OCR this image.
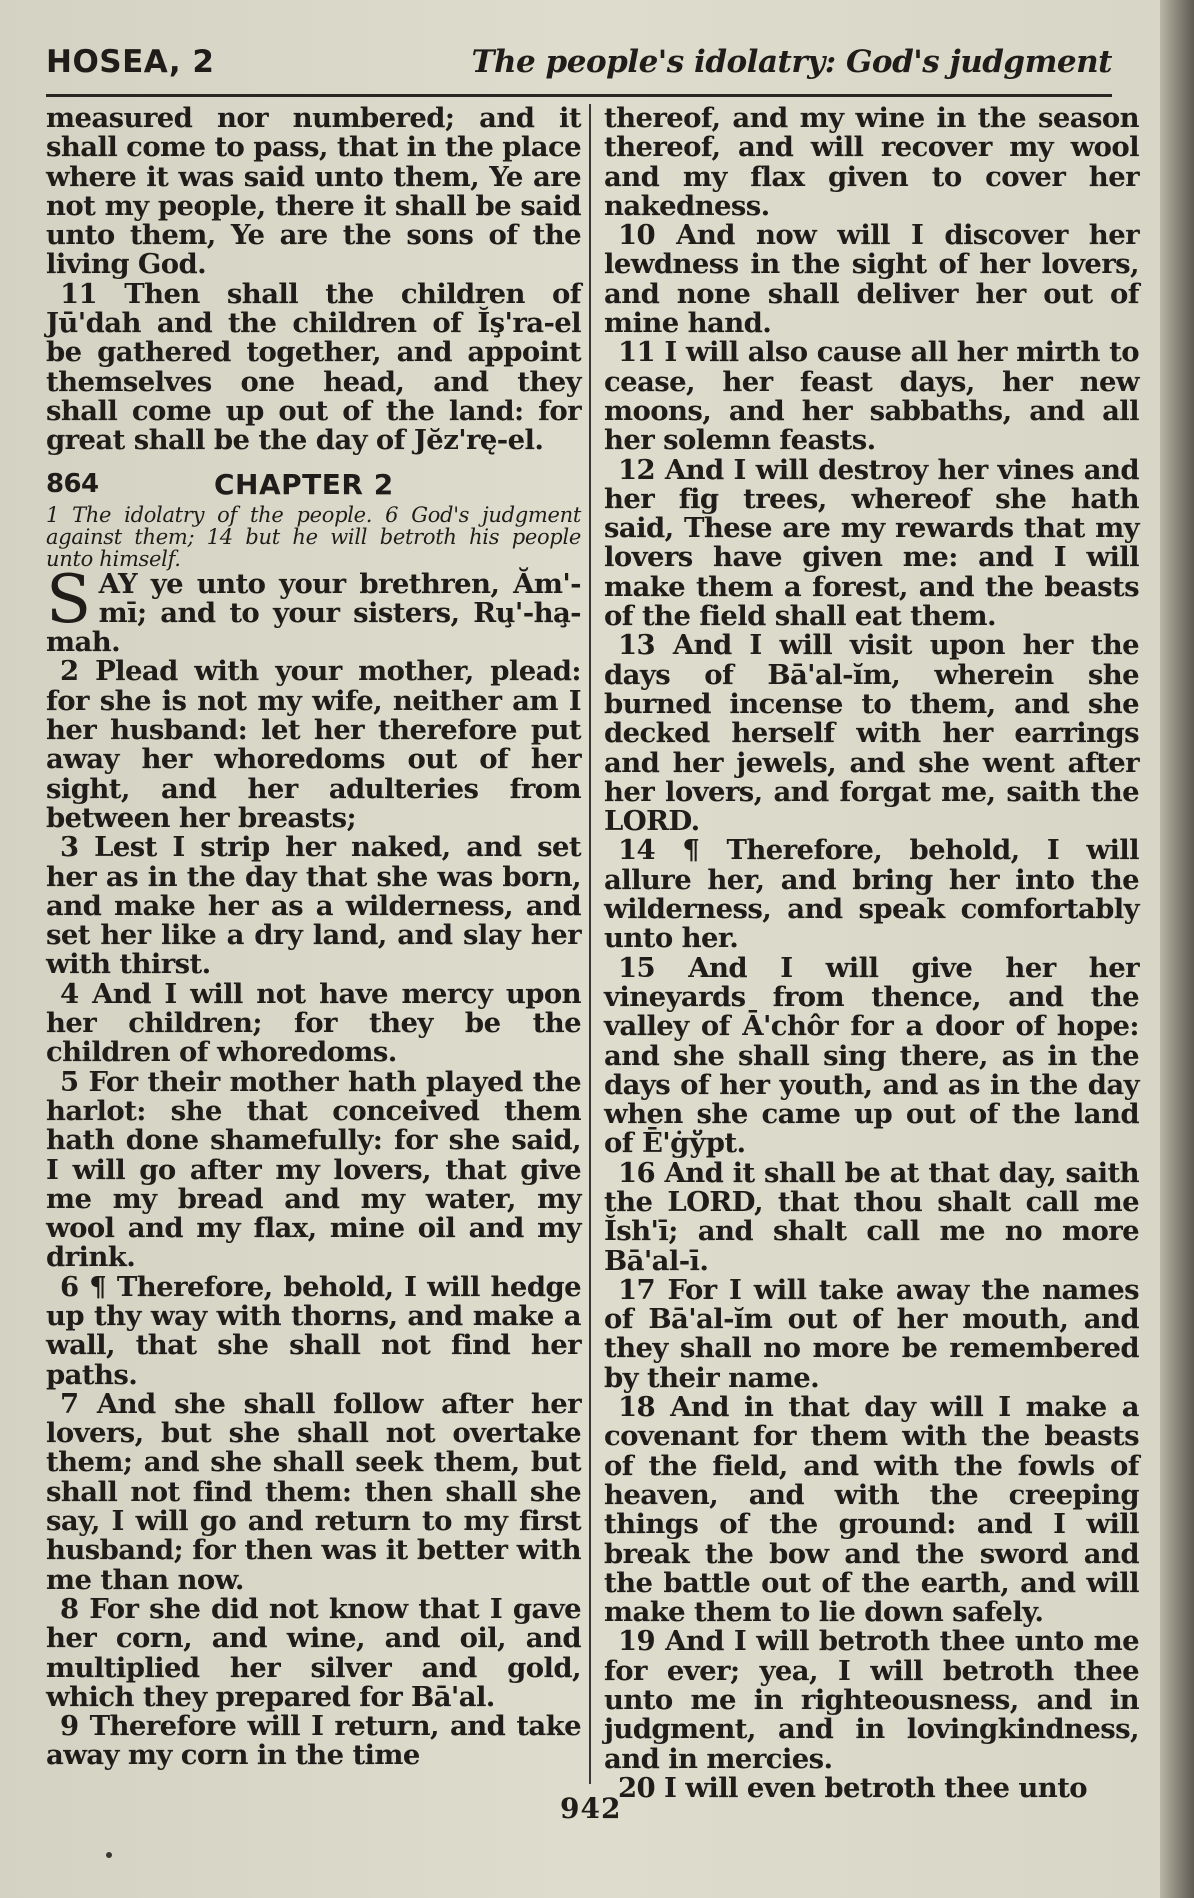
HOSEA, 2	The people's idolatry: God's judgment

measured nor numbered; and it shall come to pass, that in the place where it was said unto them, Ye are not my people, there it shall be said unto them, Ye are the sons of the living God.

11 Then shall the children of Jū'dah and the children of Ĭş'ra-el be gathered together, and appoint themselves one head, and they shall come up out of the land: for great shall be the day of Jĕz'rę-el.

864	CHAPTER 2

1 The idolatry of the people. 6 God's judgment against them; 14 but he will betroth his people unto himself.

S AY ye unto your brethren, Ăm'-mī; and to your sisters, Ru̧'-ha̧-mah.

2 Plead with your mother, plead: for she is not my wife, neither am I her husband: let her therefore put away her whoredoms out of her sight, and her adulteries from between her breasts;

3 Lest I strip her naked, and set her as in the day that she was born, and make her as a wilderness, and set her like a dry land, and slay her with thirst.

4 And I will not have mercy upon her children; for they be the children of whoredoms.

5 For their mother hath played the harlot: she that conceived them hath done shamefully: for she said, I will go after my lovers, that give me my bread and my water, my wool and my flax, mine oil and my drink.

6 ¶ Therefore, behold, I will hedge up thy way with thorns, and make a wall, that she shall not find her paths.

7 And she shall follow after her lovers, but she shall not overtake them; and she shall seek them, but shall not find them: then shall she say, I will go and return to my first husband; for then was it better with me than now.

8 For she did not know that I gave her corn, and wine, and oil, and multiplied her silver and gold, which they prepared for Bā'al.

9 Therefore will I return, and take away my corn in the time

thereof, and my wine in the season thereof, and will recover my wool and my flax given to cover her nakedness.

10 And now will I discover her lewdness in the sight of her lovers, and none shall deliver her out of mine hand.

11 I will also cause all her mirth to cease, her feast days, her new moons, and her sabbaths, and all her solemn feasts.

12 And I will destroy her vines and her fig trees, whereof she hath said, These are my rewards that my lovers have given me: and I will make them a forest, and the beasts of the field shall eat them.

13 And I will visit upon her the days of Bā'al-ĭm, wherein she burned incense to them, and she decked herself with her earrings and her jewels, and she went after her lovers, and forgat me, saith the LORD.

14 ¶ Therefore, behold, I will allure her, and bring her into the wilderness, and speak comfortably unto her.

15 And I will give her her vineyards from thence, and the valley of Ā'chôr for a door of hope: and she shall sing there, as in the days of her youth, and as in the day when she came up out of the land of Ē'ġўpt.

16 And it shall be at that day, saith the LORD, that thou shalt call me Ĭsh'ī; and shalt call me no more Bā'al-ī.

17 For I will take away the names of Bā'al-ĭm out of her mouth, and they shall no more be remembered by their name.

18 And in that day will I make a covenant for them with the beasts of the field, and with the fowls of heaven, and with the creeping things of the ground: and I will break the bow and the sword and the battle out of the earth, and will make them to lie down safely.

19 And I will betroth thee unto me for ever; yea, I will betroth thee unto me in righteousness, and in judgment, and in lovingkindness, and in mercies.

20 I will even betroth thee unto

942
